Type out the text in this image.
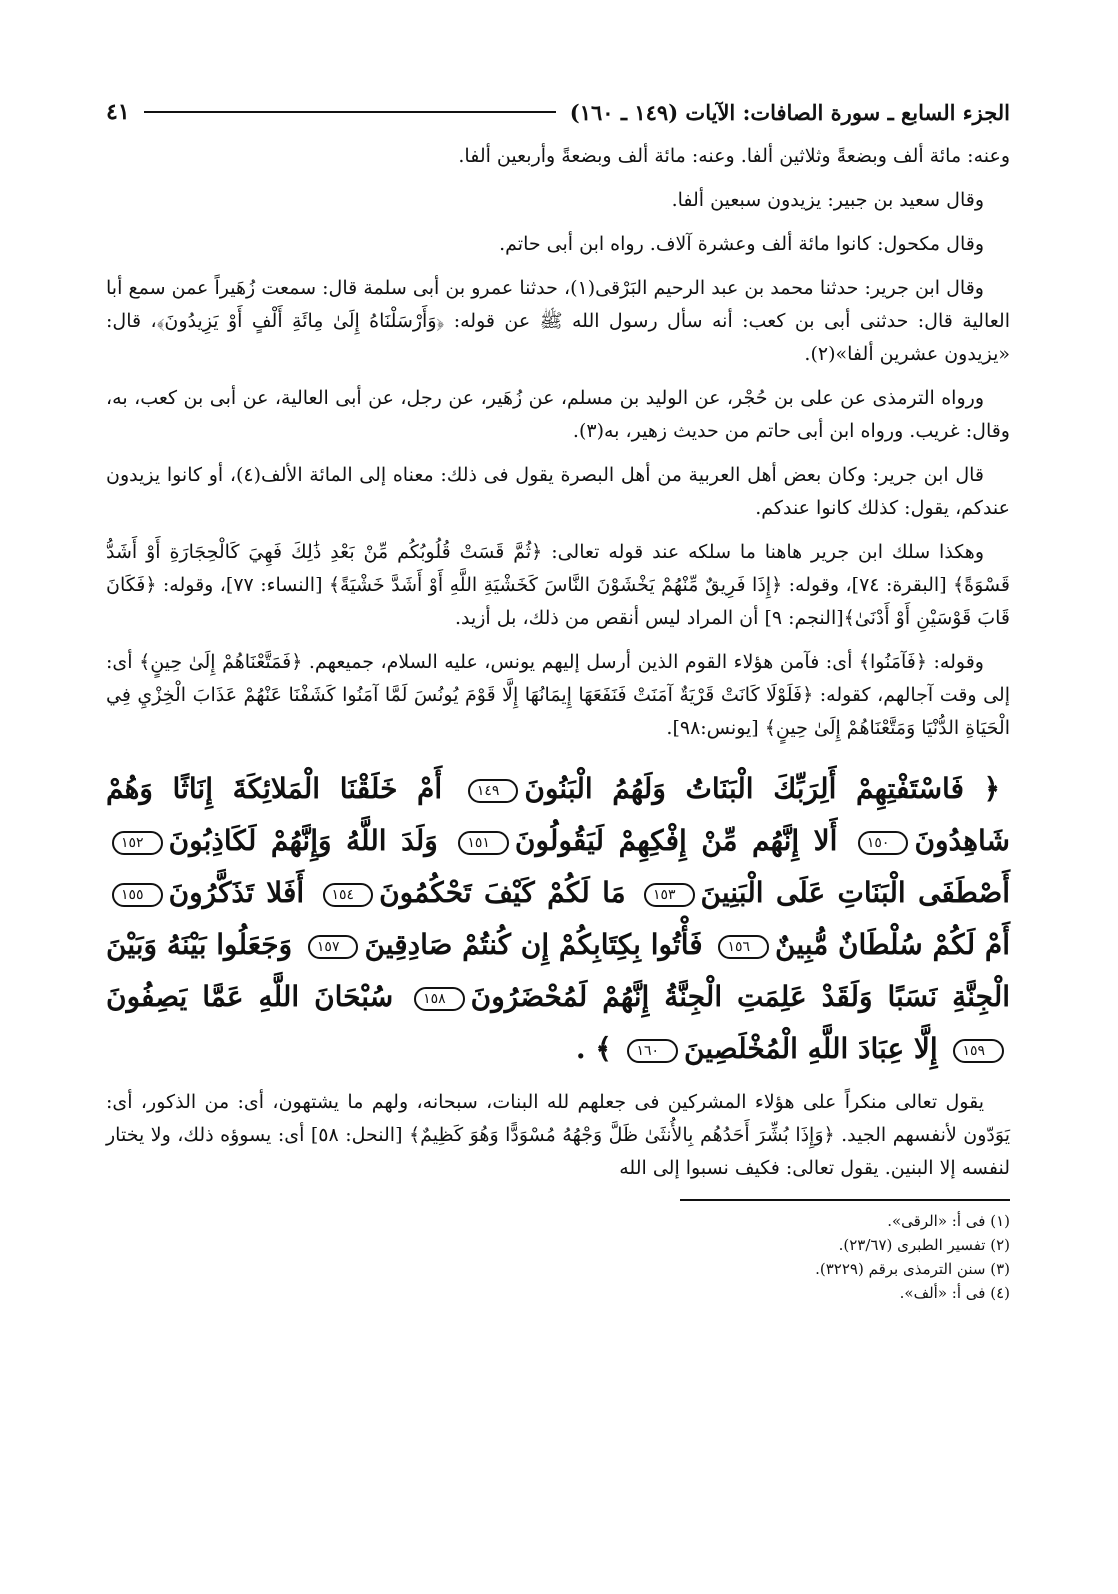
الجزء السابع ـ سورة الصافات: الآيات (١٤٩ ـ ١٦٠)
٤١

وعنه: مائة ألف وبضعةً وثلاثين ألفا. وعنه: مائة ألف وبضعةً وأربعين ألفا.

وقال سعيد بن جبير: يزيدون سبعين ألفا.

وقال مكحول: كانوا مائة ألف وعشرة آلاف. رواه ابن أبى حاتم.

وقال ابن جرير: حدثنا محمد بن عبد الرحيم البَرْقى(١)، حدثنا عمرو بن أبى سلمة قال: سمعت زُهَيراً عمن سمع أبا العالية قال: حدثنى أبى بن كعب: أنه سأل رسول الله ﷺ عن قوله: ﴿وَأَرْسَلْنَاهُ إِلَىٰ مِائَةِ أَلْفٍ أَوْ يَزِيدُونَ﴾، قال: «يزيدون عشرين ألفا»(٢).

ورواه الترمذى عن على بن حُجْر، عن الوليد بن مسلم، عن زُهَير، عن رجل، عن أبى العالية، عن أبى بن كعب، به، وقال: غريب. ورواه ابن أبى حاتم من حديث زهير، به(٣).

قال ابن جرير: وكان بعض أهل العربية من أهل البصرة يقول فى ذلك: معناه إلى المائة الألف(٤)، أو كانوا يزيدون عندكم، يقول: كذلك كانوا عندكم.

وهكذا سلك ابن جرير هاهنا ما سلكه عند قوله تعالى: ﴿ثُمَّ قَسَتْ قُلُوبُكُم مِّنْ بَعْدِ ذَٰلِكَ فَهِيَ كَالْحِجَارَةِ أَوْ أَشَدُّ قَسْوَةً﴾ [البقرة: ٧٤]، وقوله: ﴿إِذَا فَرِيقٌ مِّنْهُمْ يَخْشَوْنَ النَّاسَ كَخَشْيَةِ اللَّهِ أَوْ أَشَدَّ خَشْيَةً﴾ [النساء: ٧٧]، وقوله: ﴿فَكَانَ قَابَ قَوْسَيْنِ أَوْ أَدْنَىٰ﴾[النجم: ٩] أن المراد ليس أنقص من ذلك، بل أزيد.

وقوله: ﴿فَآمَنُوا﴾ أى: فآمن هؤلاء القوم الذين أرسل إليهم يونس، عليه السلام، جميعهم. ﴿فَمَتَّعْنَاهُمْ إِلَىٰ حِينٍ﴾ أى: إلى وقت آجالهم، كقوله: ﴿فَلَوْلَا كَانَتْ قَرْيَةٌ آمَنَتْ فَنَفَعَهَا إِيمَانُهَا إِلَّا قَوْمَ يُونُسَ لَمَّا آمَنُوا كَشَفْنَا عَنْهُمْ عَذَابَ الْخِزْيِ فِي الْحَيَاةِ الدُّنْيَا وَمَتَّعْنَاهُمْ إِلَىٰ حِينٍ﴾ [يونس:٩٨].

﴿ فَاسْتَفْتِهِمْ أَلِرَبِّكَ الْبَنَاتُ وَلَهُمُ الْبَنُونَ١٤٩ أَمْ خَلَقْنَا الْمَلائِكَةَ إِنَاثًا وَهُمْ شَاهِدُونَ١٥٠ أَلا إِنَّهُم مِّنْ إِفْكِهِمْ لَيَقُولُونَ١٥١ وَلَدَ اللَّهُ وَإِنَّهُمْ لَكَاذِبُونَ١٥٢ أَصْطَفَى الْبَنَاتِ عَلَى الْبَنِينَ١٥٣ مَا لَكُمْ كَيْفَ تَحْكُمُونَ١٥٤ أَفَلا تَذَكَّرُونَ١٥٥ أَمْ لَكُمْ سُلْطَانٌ مُّبِينٌ١٥٦ فَأْتُوا بِكِتَابِكُمْ إِن كُنتُمْ صَادِقِينَ١٥٧ وَجَعَلُوا بَيْنَهُ وَبَيْنَ الْجِنَّةِ نَسَبًا وَلَقَدْ عَلِمَتِ الْجِنَّةُ إِنَّهُمْ لَمُحْضَرُونَ١٥٨ سُبْحَانَ اللَّهِ عَمَّا يَصِفُونَ١٥٩ إِلَّا عِبَادَ اللَّهِ الْمُخْلَصِينَ١٦٠ ﴾ .

يقول تعالى منكراً على هؤلاء المشركين فى جعلهم لله البنات، سبحانه، ولهم ما يشتهون، أى: من الذكور، أى: يَوَدّون لأنفسهم الجيد. ﴿وَإِذَا بُشِّرَ أَحَدُهُم بِالأُنثَىٰ ظَلَّ وَجْهُهُ مُسْوَدًّا وَهُوَ كَظِيمٌ﴾ [النحل: ٥٨] أى: يسوؤه ذلك، ولا يختار لنفسه إلا البنين. يقول تعالى: فكيف نسبوا إلى الله

(١) فى أ: «الرقى».

(٢) تفسير الطبرى (٢٣/٦٧).

(٣) سنن الترمذى برقم (٣٢٢٩).

(٤) فى أ: «ألف».
